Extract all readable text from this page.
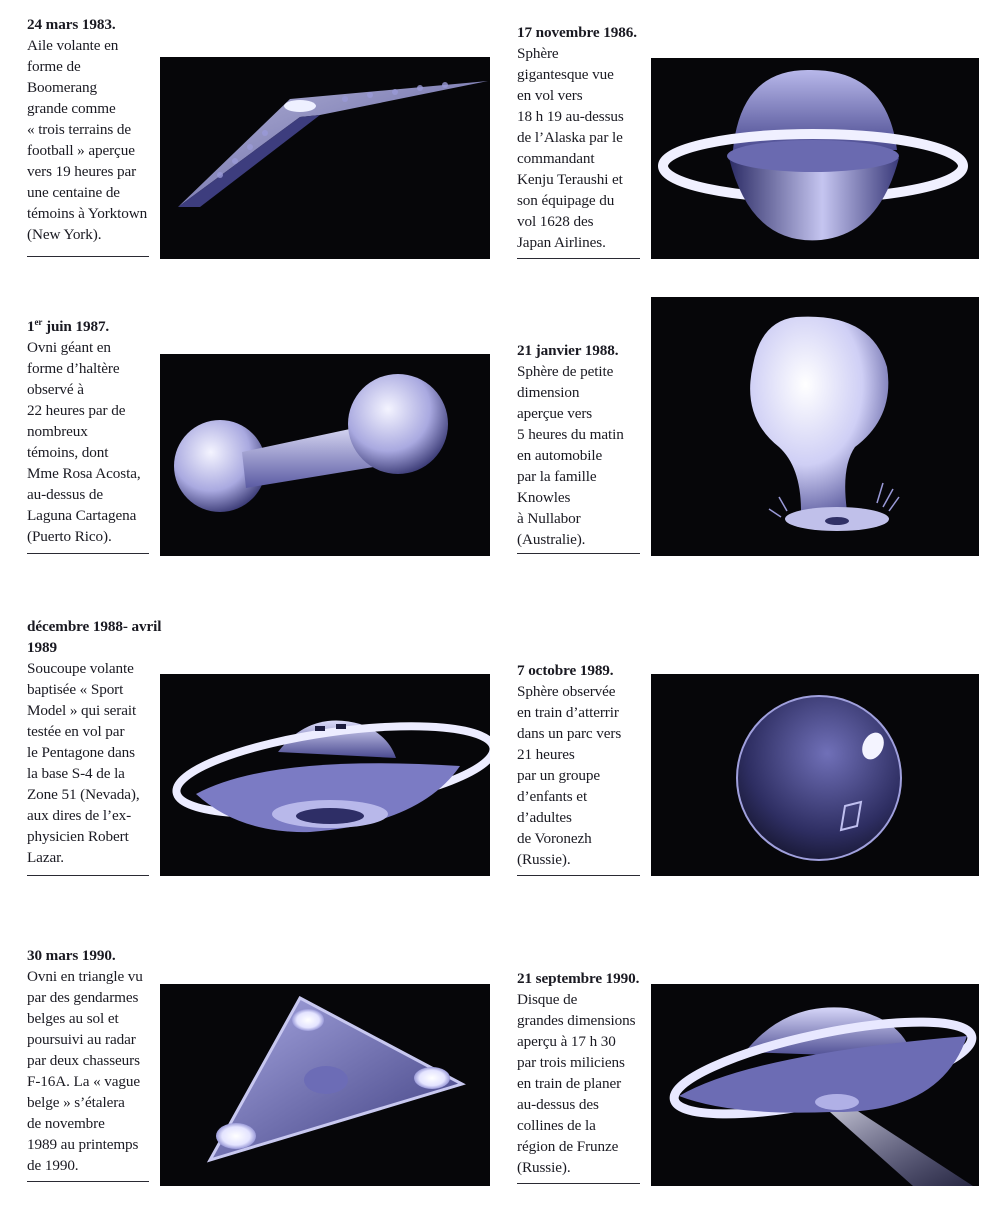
24 mars 1983.
Aile volante en
forme de
Boomerang
grande comme
« trois terrains de
football » aperçue
vers 19 heures par
une centaine de
témoins à Yorktown
(New York).
17 novembre 1986. Sphère
gigantesque vue
en vol vers
18 h 19 au-dessus
de l’Alaska par le
commandant
Kenju Teraushi et
son équipage du
vol 1628 des
Japan Airlines.
1er juin 1987.
Ovni géant en
forme d’haltère
observé à
22 heures par de
nombreux
témoins, dont
Mme Rosa Acosta,
au-dessus de
Laguna Cartagena
(Puerto Rico).
21 janvier 1988.
Sphère de petite
dimension
aperçue vers
5 heures du matin
en automobile
par la famille
Knowles
à Nullabor
(Australie).
décembre 1988- avril 1989
Soucoupe volante
baptisée « Sport
Model » qui serait
testée en vol par
le Pentagone dans
la base S-4 de la
Zone 51 (Nevada),
aux dires de l’ex-
physicien Robert
Lazar.
7 octobre 1989.
Sphère observée
en train d’atterrir
dans un parc vers
21 heures
par un groupe
d’enfants et
d’adultes
de Voronezh
(Russie).
30 mars 1990.
Ovni en triangle vu
par des gendarmes
belges au sol et
poursuivi au radar
par deux chasseurs
F-16A. La « vague
belge » s’étalera
de novembre
1989 au printemps
de 1990.
21 septembre 1990. Disque de
grandes dimensions
aperçu à 17 h 30
par trois miliciens
en train de planer
au-dessus des
collines de la
région de Frunze
(Russie).
